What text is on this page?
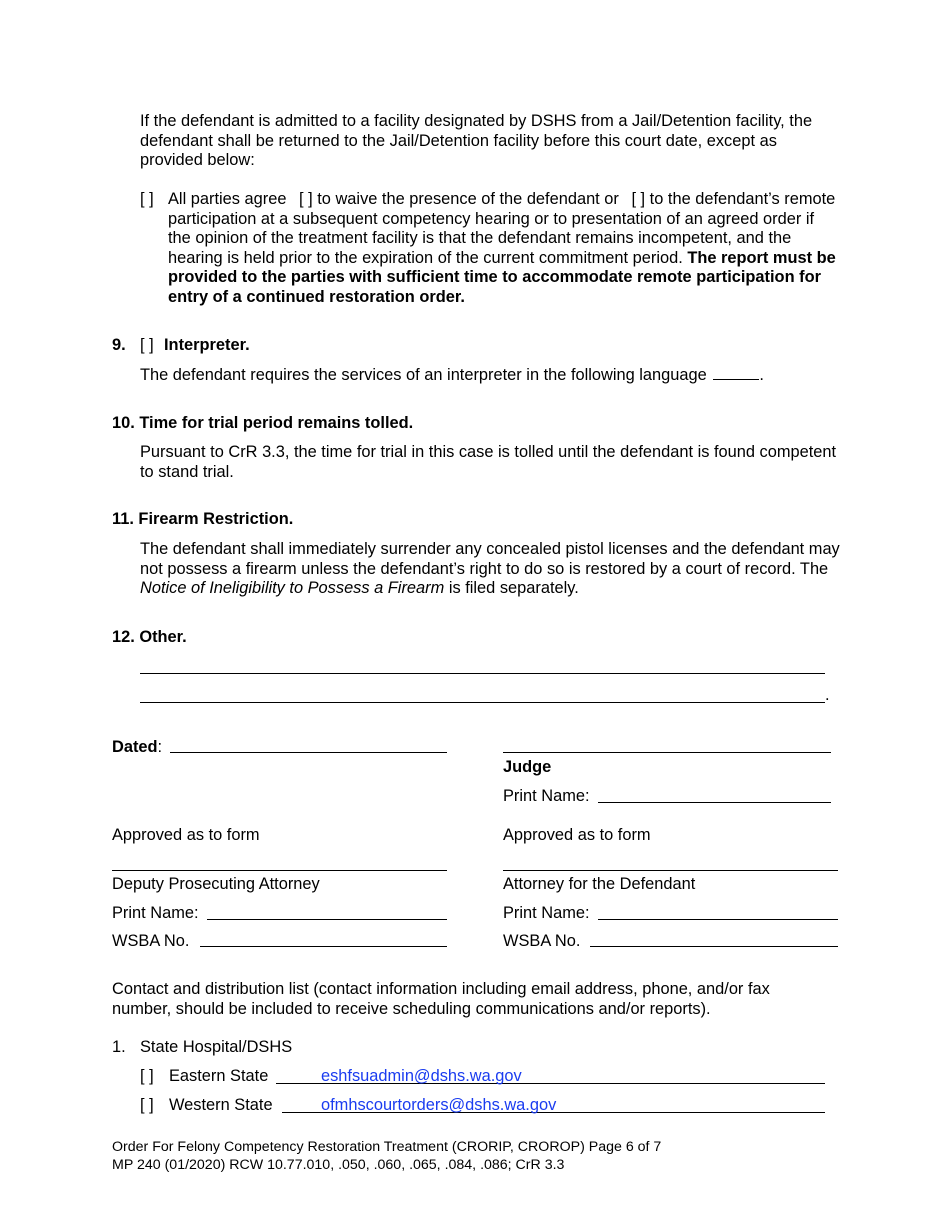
If the defendant is admitted to a facility designated by DSHS from a Jail/Detention facility, the defendant shall be returned to the Jail/Detention facility before this court date, except as provided below:
[ ] All parties agree [ ] to waive the presence of the defendant or [ ] to the defendant’s remote participation at a subsequent competency hearing or to presentation of an agreed order if the opinion of the treatment facility is that the defendant remains incompetent, and the hearing is held prior to the expiration of the current commitment period. The report must be provided to the parties with sufficient time to accommodate remote participation for entry of a continued restoration order.
9. [ ] Interpreter.
The defendant requires the services of an interpreter in the following language	.
10. Time for trial period remains tolled.
Pursuant to CrR 3.3, the time for trial in this case is tolled until the defendant is found competent to stand trial.
11. Firearm Restriction.
The defendant shall immediately surrender any concealed pistol licenses and the defendant may not possess a firearm unless the defendant’s right to do so is restored by a court of record. The Notice of Ineligibility to Possess a Firearm is filed separately.
12. Other.
.
Dated:
Judge
Print Name:
Approved as to form	Approved as to form
Deputy Prosecuting Attorney	Attorney for the Defendant
Print Name:	Print Name:
WSBA No.	WSBA No.
Contact and distribution list (contact information including email address, phone, and/or fax number, should be included to receive scheduling communications and/or reports).
1. State Hospital/DSHS
[ ] Eastern State	eshfsuadmin@dshs.wa.gov
[ ] Western State	ofmhscourtorders@dshs.wa.gov
Order For Felony Competency Restoration Treatment (CRORIP, CROROP) Page 6 of 7
MP 240 (01/2020) RCW 10.77.010, .050, .060, .065, .084, .086; CrR 3.3
